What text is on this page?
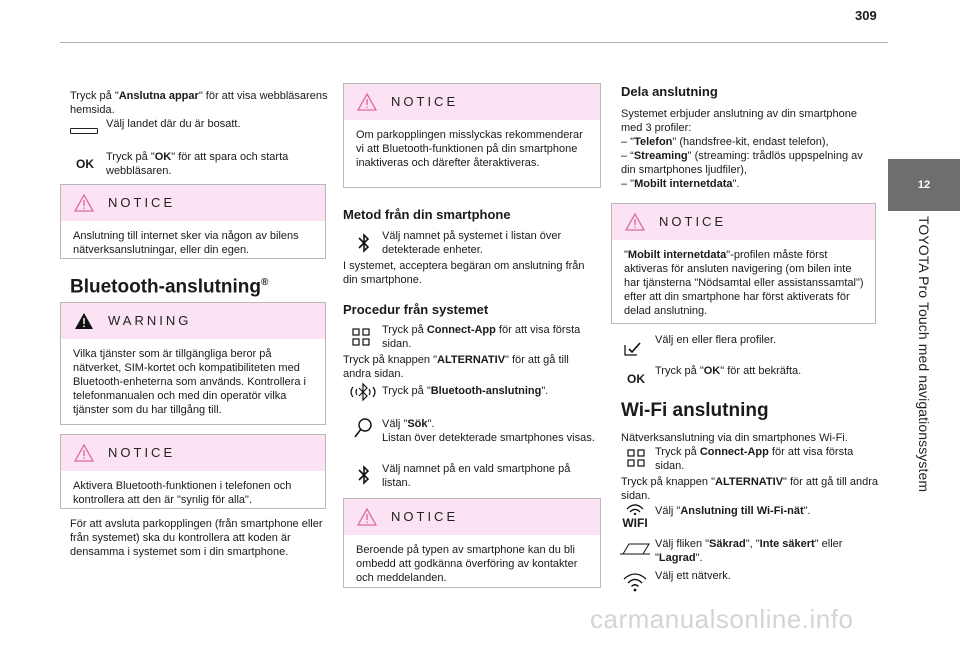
309
12
TOYOTA Pro Touch med navigationssystem

Tryck på "Anslutna appar" för att visa webbläsarens hemsida.

Välj landet där du är bosatt.

OK	Tryck på "OK" för att spara och starta webbläsaren.

NOTICE
Anslutning till internet sker via någon av bilens nätverksanslutningar, eller din egen.
Bluetooth-anslutning®
WARNING
Vilka tjänster som är tillgängliga beror på nätverket, SIM-kortet och kompatibiliteten med Bluetooth-enheterna som används. Kontrollera i telefonmanualen och med din operatör vilka tjänster som du har tillgång till.
NOTICE
Aktivera Bluetooth-funktionen i telefonen och kontrollera att den är "synlig för alla".

För att avsluta parkopplingen (från smartphone eller från systemet) ska du kontrollera att koden är densamma i systemet som i din smartphone.

NOTICE
Om parkopplingen misslyckas rekommenderar vi att Bluetooth-funktionen på din smartphone inaktiveras och därefter återaktiveras.
Metod från din smartphone

Välj namnet på systemet i listan över detekterade enheter.

I systemet, acceptera begäran om anslutning från din smartphone.

Procedur från systemet

Tryck på Connect-App för att visa första sidan.

Tryck på knappen "ALTERNATIV" för att gå till andra sidan.

Tryck på "Bluetooth-anslutning".

Välj "Sök".

Listan över detekterade smartphones visas.

Välj namnet på en vald smartphone på listan.

NOTICE
Beroende på typen av smartphone kan du bli ombedd att godkänna överföring av kontakter och meddelanden.
Dela anslutning

Systemet erbjuder anslutning av din smartphone med 3 profiler:

– "Telefon" (handsfree-kit, endast telefon),

– “Streaming" (streaming: trådlös uppspelning av din smartphones ljudfiler),

– "Mobilt internetdata".

NOTICE
"Mobilt internetdata"-profilen måste först aktiveras för ansluten navigering (om bilen inte har tjänsterna "Nödsamtal eller assistanssamtal") efter att din smartphone har först aktiverats för delad anslutning.

Välj en eller flera profiler.

OK

Tryck på "OK" för att bekräfta.

Wi-Fi anslutning

Nätverksanslutning via din smartphones Wi-Fi.

Tryck på Connect-App för att visa första sidan.

Tryck på knappen "ALTERNATIV" för att gå till andra sidan.

WIFI

Välj "Anslutning till Wi-Fi-nät".

Välj fliken "Säkrad", "Inte säkert" eller "Lagrad".

Välj ett nätverk.

carmanualsonline.info
